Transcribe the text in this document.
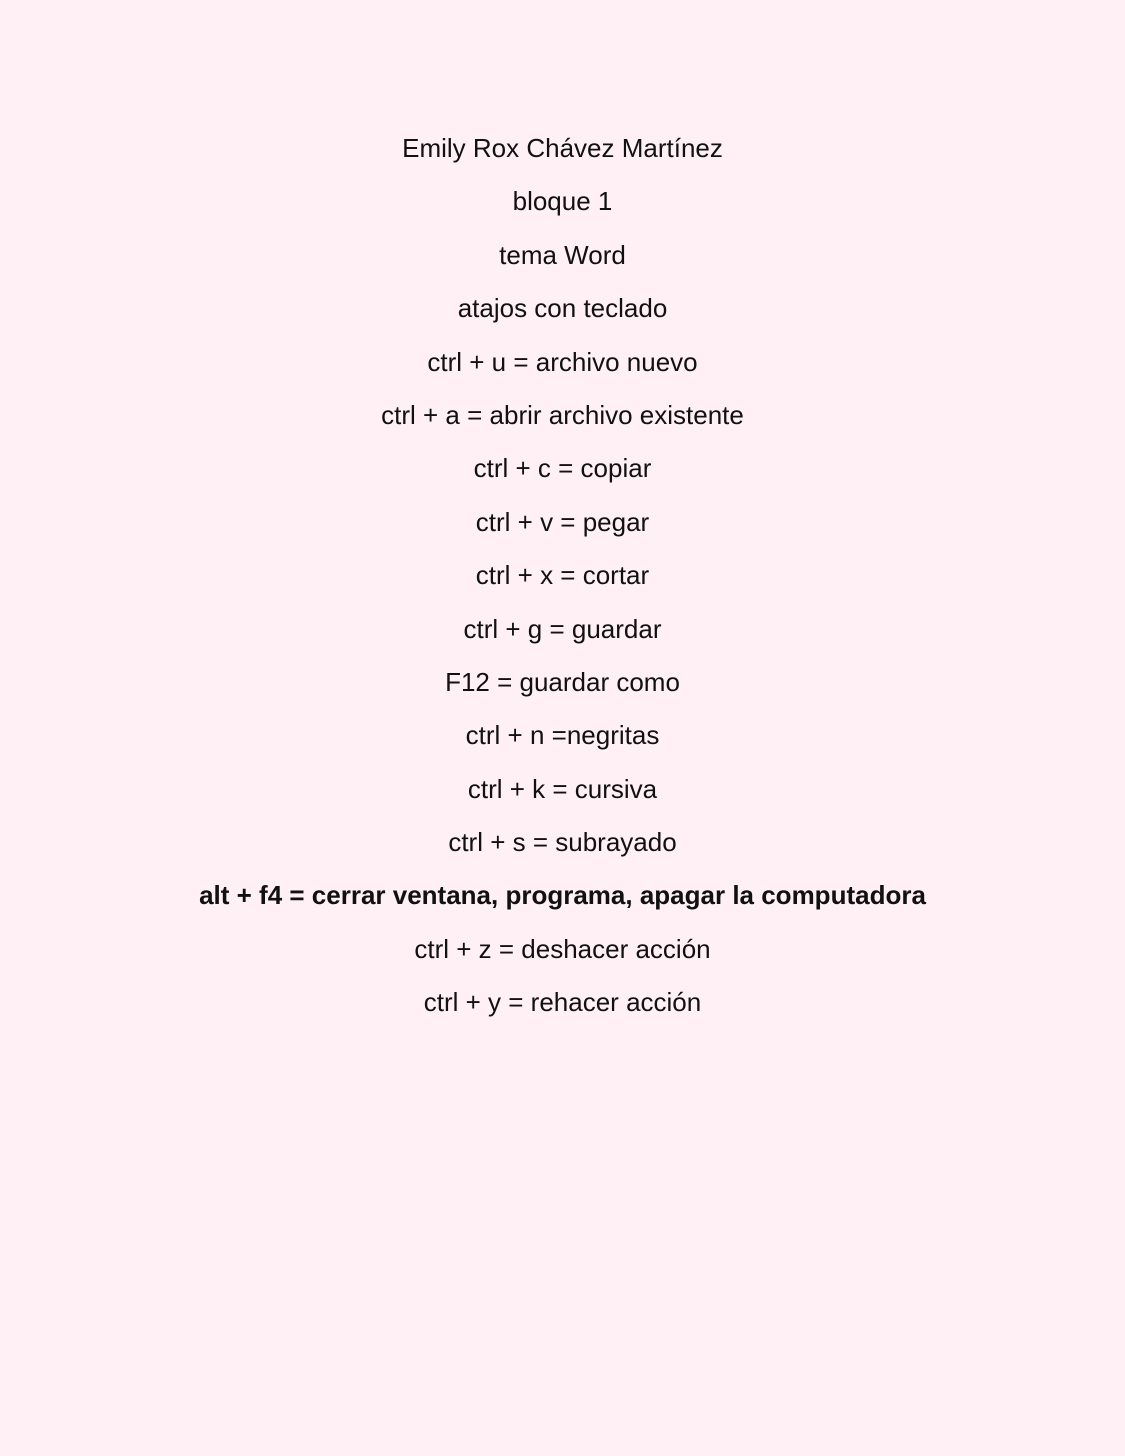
Emily Rox Chávez Martínez
bloque 1
tema Word
atajos con teclado
ctrl + u = archivo nuevo
ctrl + a = abrir archivo existente
ctrl + c = copiar
ctrl + v = pegar
ctrl + x = cortar
ctrl + g = guardar
F12 = guardar como
ctrl + n =negritas
ctrl + k = cursiva
ctrl + s = subrayado
alt + f4 = cerrar ventana, programa, apagar la computadora
ctrl + z = deshacer acción
ctrl + y = rehacer acción
